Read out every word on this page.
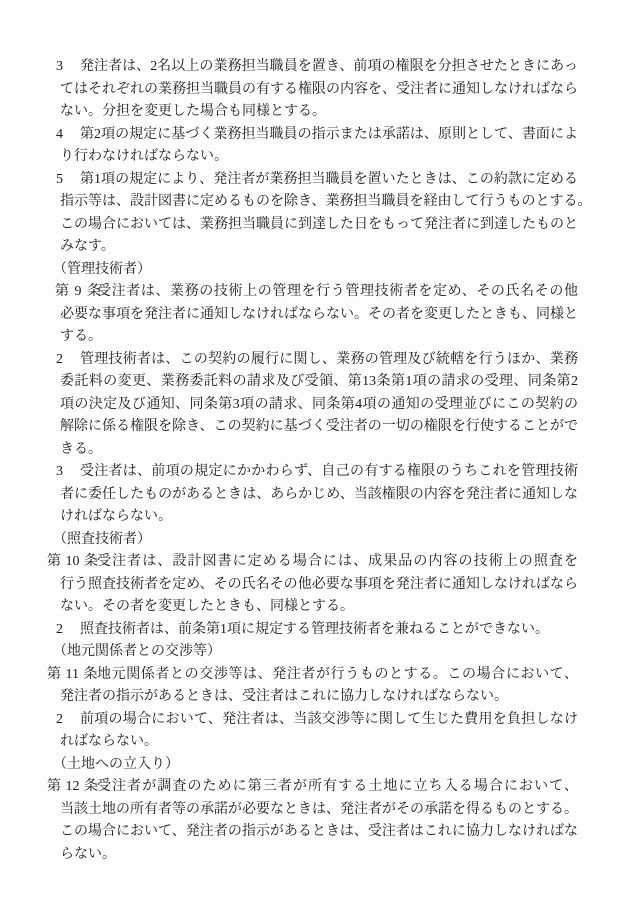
3 発注者は、2名以上の業務担当職員を置き、前項の権限を分担させたときにあっ
てはそれぞれの業務担当職員の有する権限の内容を、受注者に通知しなければなら
ない。分担を変更した場合も同様とする。
4 第2項の規定に基づく業務担当職員の指示または承諾は、原則として、書面によ
り行わなければならない。
5 第1項の規定により、発注者が業務担当職員を置いたときは、この約款に定める
指示等は、設計図書に定めるものを除き、業務担当職員を経由して行うものとする。
この場合においては、業務担当職員に到達した日をもって発注者に到達したものと
みなす。
（管理技術者）
第 9 条
受注者は、業務の技術上の管理を行う管理技術者を定め、その氏名その他
必要な事項を発注者に通知しなければならない。その者を変更したときも、同様と
する。
2 管理技術者は、この契約の履行に関し、業務の管理及び統轄を行うほか、業務
委託料の変更、業務委託料の請求及び受領、第13条第1項の請求の受理、同条第2
項の決定及び通知、同条第3項の請求、同条第4項の通知の受理並びにこの契約の
解除に係る権限を除き、この契約に基づく受注者の一切の権限を行使することがで
きる。
3 受注者は、前項の規定にかかわらず、自己の有する権限のうちこれを管理技術
者に委任したものがあるときは、あらかじめ、当該権限の内容を発注者に通知しな
ければならない。
（照査技術者）
第 10 条 受注者は、設計図書に定める場合には、成果品の内容の技術上の照査を
行う照査技術者を定め、その氏名その他必要な事項を発注者に通知しなければなら
ない。その者を変更したときも、同様とする。
2 照査技術者は、前条第1項に規定する管理技術者を兼ねることができない。
（地元関係者との交渉等）
第 11 条 地元関係者との交渉等は、発注者が行うものとする。この場合において、
発注者の指示があるときは、受注者はこれに協力しなければならない。
2 前項の場合において、発注者は、当該交渉等に関して生じた費用を負担しなけ
ればならない。
（土地への立入り）
第 12 条 受注者が調査のために第三者が所有する土地に立ち入る場合において、
当該土地の所有者等の承諾が必要なときは、発注者がその承諾を得るものとする。
この場合において、発注者の指示があるときは、受注者はこれに協力しなければな
らない。
